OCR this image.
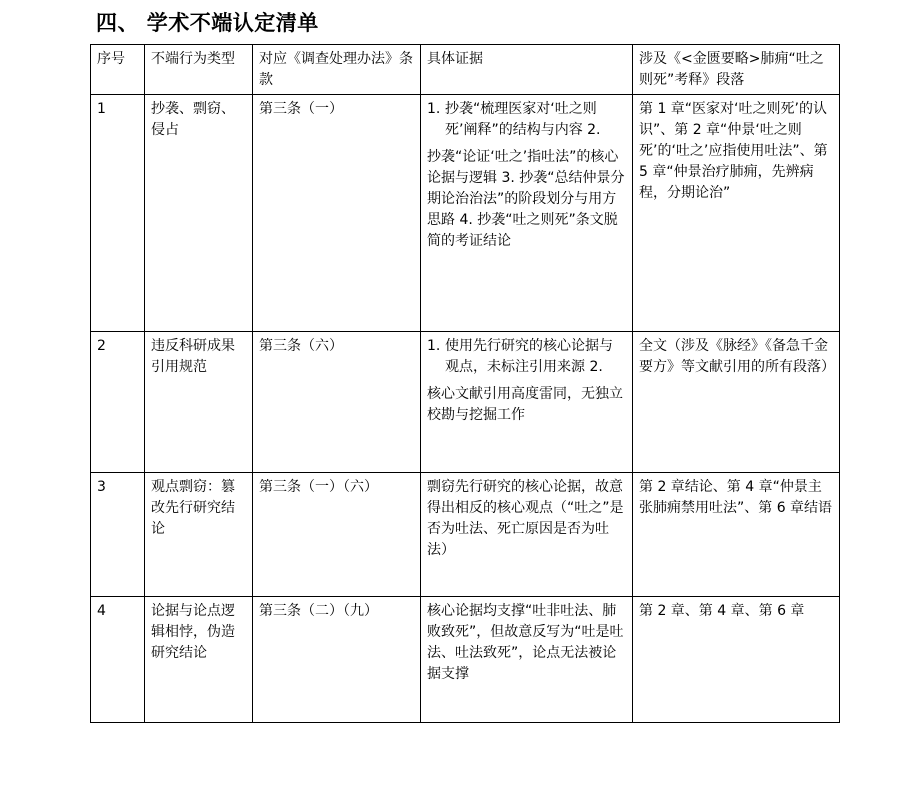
四、 学术不端认定清单
序号	不端行为类型	对应《调查处理办法》条款	具体证据	涉及《<金匮要略>肺痈“吐之则死”考释》段落
1	抄袭、剽窃、侵占	第三条（一）	1. 抄袭“梳理医家对‘吐之则死’阐释”的结构与内容 2.
抄袭“论证‘吐之’指吐法”的核心论据与逻辑 3. 抄袭“总结仲景分期论治治法”的阶段划分与用方思路 4. 抄袭“吐之则死”条文脱简的考证结论	第 1 章“医家对‘吐之则死’的认识”、第 2 章“仲景‘吐之则死’的‘吐之’应指使用吐法”、第 5 章“仲景治疗肺痈，先辨病程，分期论治”
2	违反科研成果引用规范	第三条（六）	1. 使用先行研究的核心论据与观点，未标注引用来源 2.
核心文献引用高度雷同，无独立校勘与挖掘工作	全文（涉及《脉经》《备急千金要方》等文献引用的所有段落）
3	观点剽窃：篡改先行研究结论	第三条（一）（六）	剽窃先行研究的核心论据，故意得出相反的核心观点（“吐之”是否为吐法、死亡原因是否为吐法）	第 2 章结论、第 4 章“仲景主张肺痈禁用吐法”、第 6 章结语
4	论据与论点逻辑相悖，伪造研究结论	第三条（二）（九）	核心论据均支撑“吐非吐法、肺败致死”，但故意反写为“吐是吐法、吐法致死”，论点无法被论据支撑	第 2 章、第 4 章、第 6 章
